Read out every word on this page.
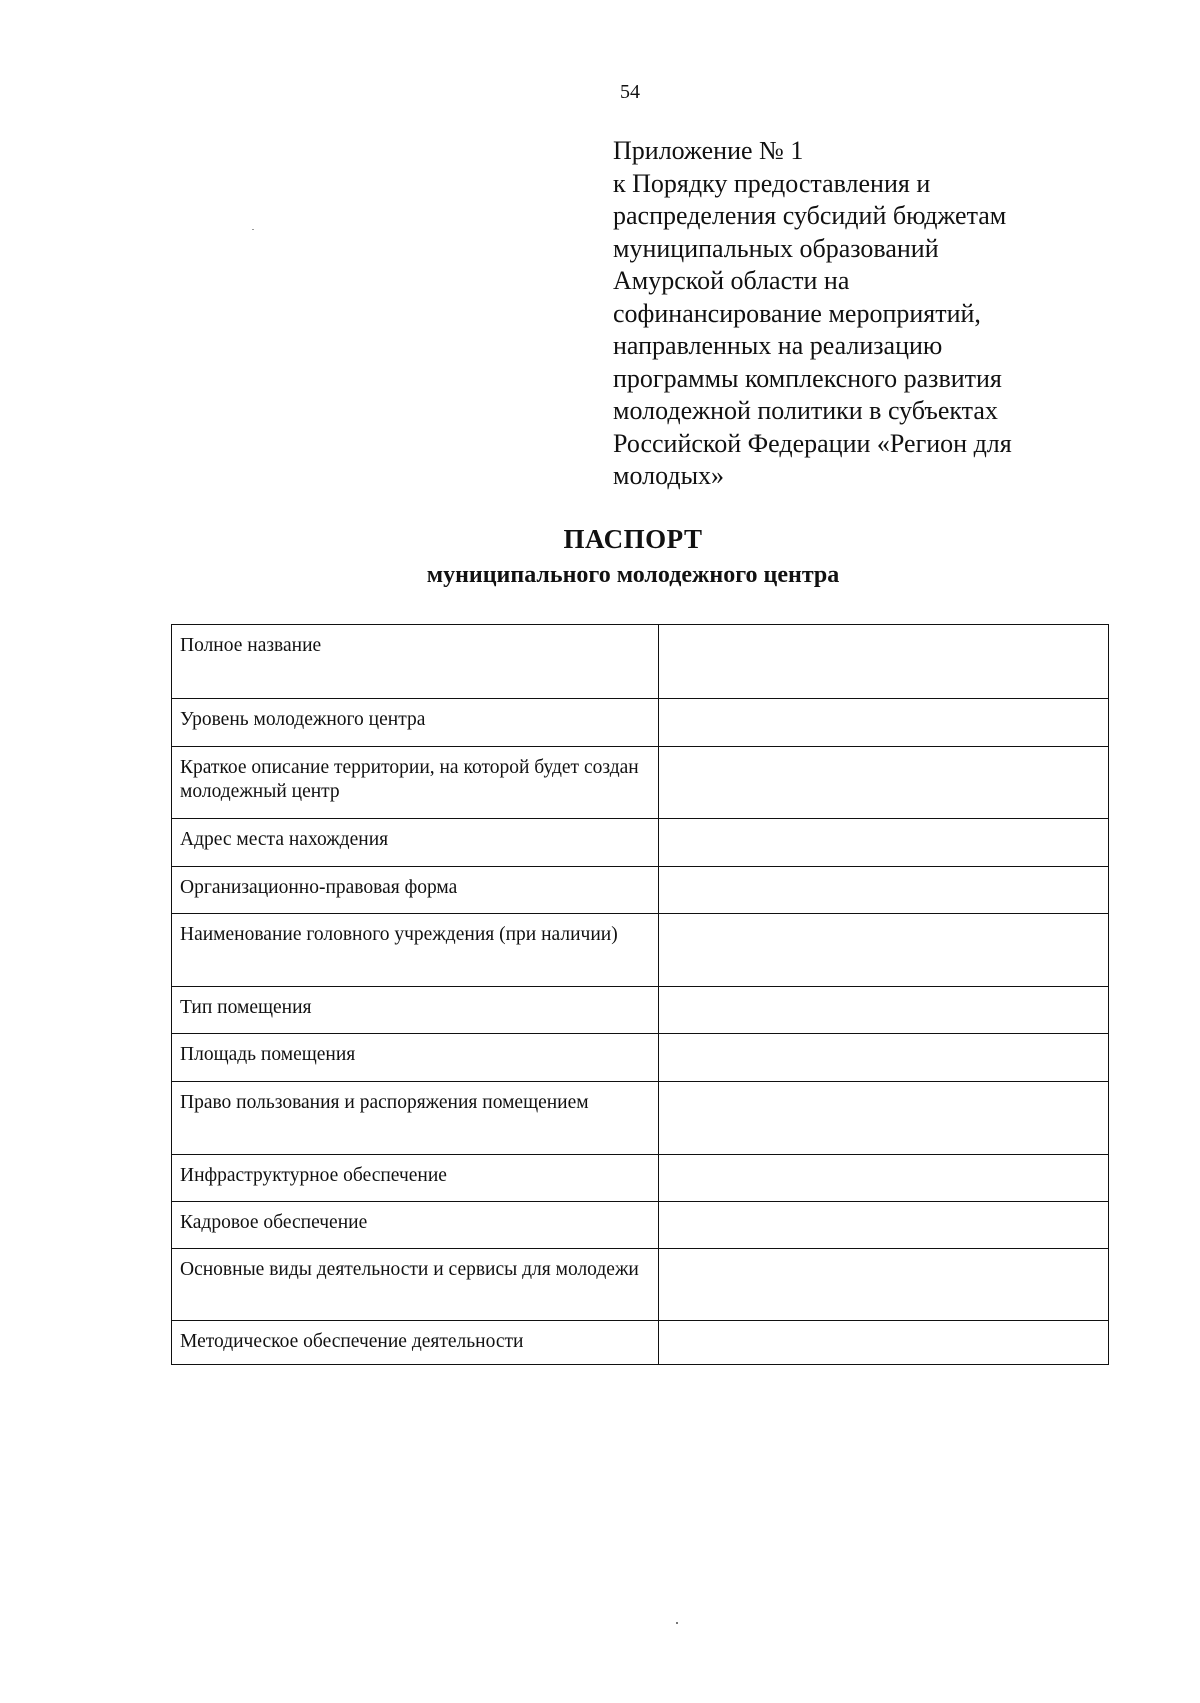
54
Приложение № 1
к Порядку предоставления и
распределения субсидий бюджетам
муниципальных образований
Амурской области на
софинансирование мероприятий,
направленных на реализацию
программы комплексного развития
молодежной политики в субъектах
Российской Федерации «Регион для
молодых»
ПАСПОРТ
муниципального молодежного центра
Полное название	
Уровень молодежного центра	
Краткое описание территории, на которой будет создан молодежный центр	
Адрес места нахождения	
Организационно-правовая форма	
Наименование головного учреждения (при наличии)	
Тип помещения	
Площадь помещения	
Право пользования и распоряжения помещением	
Инфраструктурное обеспечение	
Кадровое обеспечение	
Основные виды деятельности и сервисы для молодежи	
Методическое обеспечение деятельности	
